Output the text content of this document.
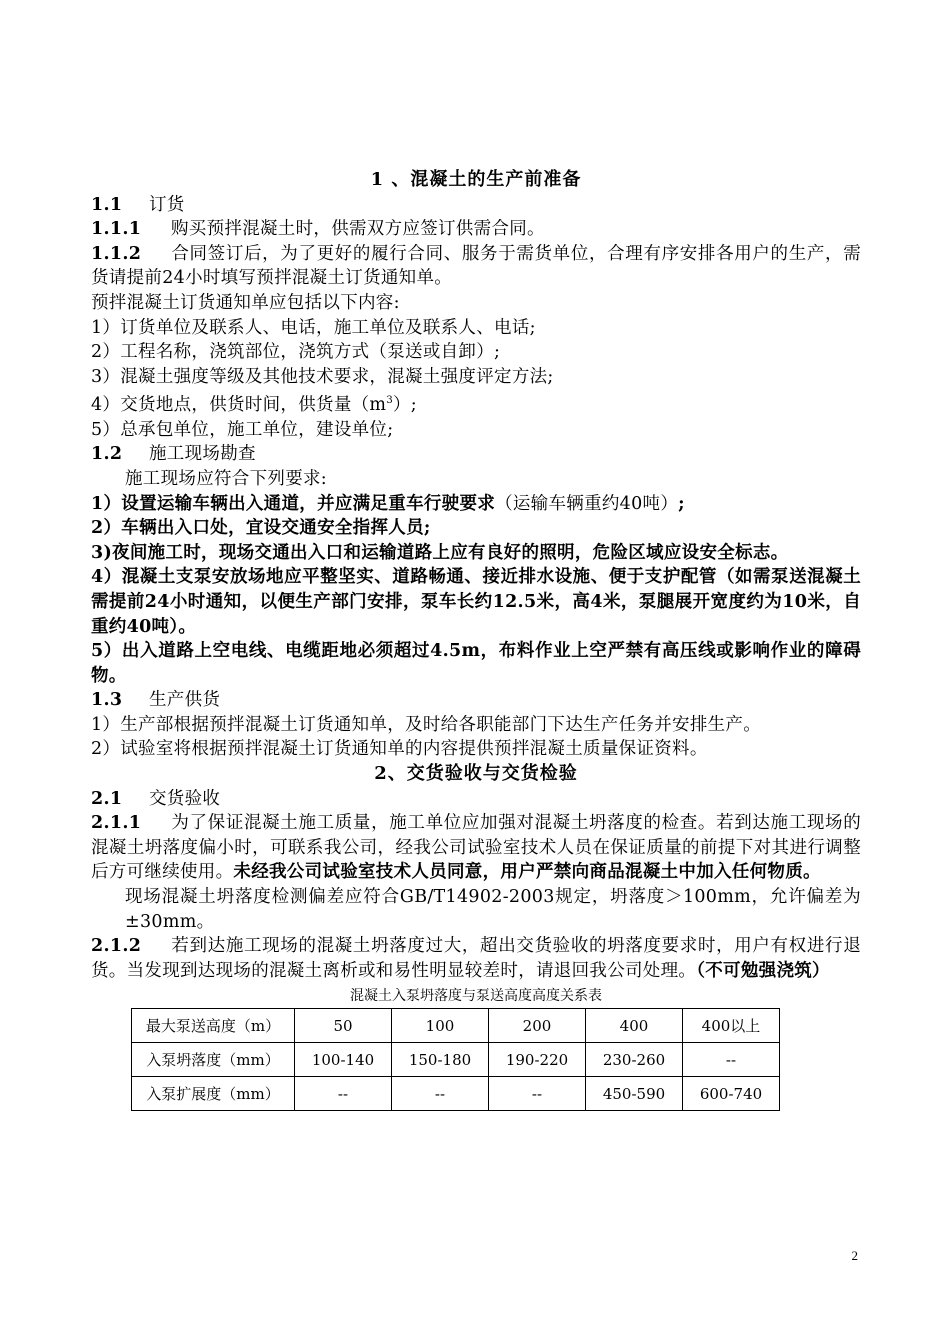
1 、混凝土的生产前准备
1.1 订货
1.1.1 购买预拌混凝土时，供需双方应签订供需合同。
1.1.2 合同签订后，为了更好的履行合同、服务于需货单位，合理有序安排各用户的生产，需货请提前24小时填写预拌混凝土订货通知单。
预拌混凝土订货通知单应包括以下内容:
1）订货单位及联系人、电话，施工单位及联系人、电话;
2）工程名称，浇筑部位，浇筑方式（泵送或自卸）;
3）混凝土强度等级及其他技术要求，混凝土强度评定方法;
4）交货地点，供货时间，供货量$(m^3)$;
5）总承包单位，施工单位，建设单位;
1.2 施工现场勘查
施工现场应符合下列要求:
1）设置运输车辆出入通道，并应满足重车行驶要求（运输车辆重约40吨）;
2）车辆出入口处，宜设交通安全指挥人员;
3)夜间施工时，现场交通出入口和运输道路上应有良好的照明，危险区域应设安全标志。
4）混凝土支泵安放场地应平整坚实、道路畅通、接近排水设施、便于支护配管（如需泵送混凝土需提前24小时通知，以便生产部门安排，泵车长约12.5米，高4米，泵腿展开宽度约为10米，自重约40吨）。
5）出入道路上空电线、电缆距地必须超过4.5m，布料作业上空严禁有高压线或影响作业的障碍物。
1.3 生产供货
1）生产部根据预拌混凝土订货通知单，及时给各职能部门下达生产任务并安排生产。
2）试验室将根据预拌混凝土订货通知单的内容提供预拌混凝土质量保证资料。
2、交货验收与交货检验
2.1 交货验收
2.1.1 为了保证混凝土施工质量，施工单位应加强对混凝土坍落度的检查。若到达施工现场的混凝土坍落度偏小时，可联系我公司，经我公司试验室技术人员在保证质量的前提下对其进行调整后方可继续使用。未经我公司试验室技术人员同意，用户严禁向商品混凝土中加入任何物质。
现场混凝土坍落度检测偏差应符合GB/T14902-2003规定，坍落度＞100mm，允许偏差为±30mm。
2.1.2 若到达施工现场的混凝土坍落度过大，超出交货验收的坍落度要求时，用户有权进行退货。当发现到达现场的混凝土离析或和易性明显较差时，请退回我公司处理。（不可勉强浇筑）
混凝土入泵坍落度与泵送高度高度关系表
最大泵送高度（m）	50	100	200	400	400以上
入泵坍落度（mm）	100-140	150-180	190-220	230-260	--
入泵扩展度（mm）	--	--	--	450-590	600-740
2
